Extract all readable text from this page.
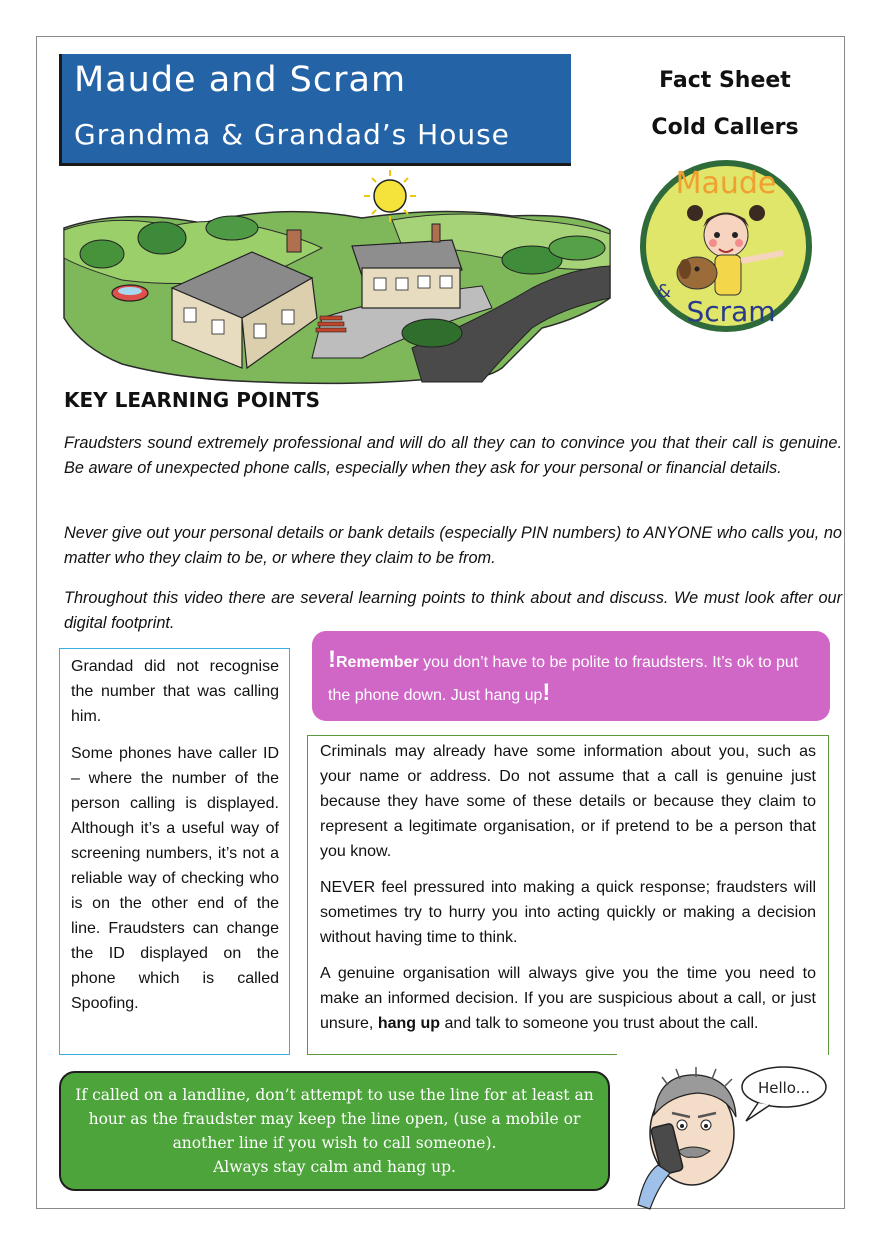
Maude and Scram
Grandma & Grandad’s House
Fact Sheet
Cold Callers
Maude
&
Scram
KEY LEARNING POINTS

Fraudsters sound extremely professional and will do all they can to convince you that their call is genuine. Be aware of unexpected phone calls, especially when they ask for your personal or financial details.

Never give out your personal details or bank details (especially PIN numbers) to ANYONE who calls you, no matter who they claim to be, or where they claim to be from.

Throughout this video there are several learning points to think about and discuss. We must look after our digital footprint.

Grandad did not recognise the number that was calling him.

Some phones have caller ID – where the number of the person calling is displayed. Although it’s a useful way of screening numbers, it’s not a reliable way of checking who is on the other end of the line. Fraudsters can change the ID displayed on the phone which is called Spoofing.

!Remember you don’t have to be polite to fraudsters. It’s ok to put the phone down. Just hang up!

Criminals may already have some information about you, such as your name or address. Do not assume that a call is genuine just because they have some of these details or because they claim to represent a legitimate organisation, or if pretend to be a person that you know.

NEVER feel pressured into making a quick response; fraudsters will sometimes try to hurry you into acting quickly or making a decision without having time to think.

A genuine organisation will always give you the time you need to make an informed decision. If you are suspicious about a call, or just unsure, hang up and talk to someone you trust about the call.

If called on a landline, don’t attempt to use the line for at least an
hour as the fraudster may keep the line open, (use a mobile or
another line if you wish to call someone).
Always stay calm and hang up.
Hello...
